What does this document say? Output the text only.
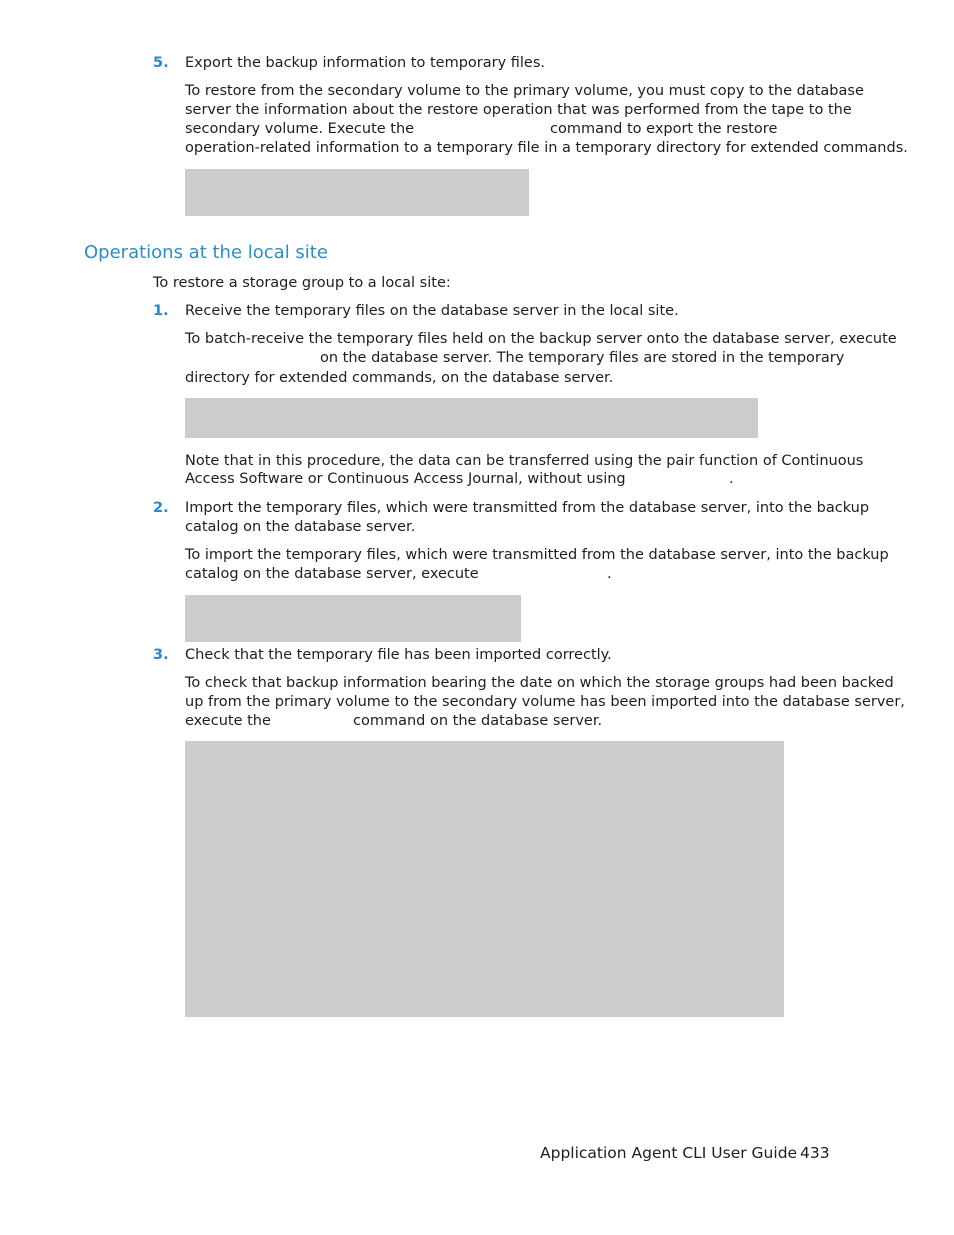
5. Export the backup information to temporary files.
To restore from the secondary volume to the primary volume, you must copy to the database
server the information about the restore operation that was performed from the tape to the
secondary volume. Execute the	command to export the restore
operation-related information to a temporary file in a temporary directory for extended commands.
Operations at the local site
To restore a storage group to a local site:
1. Receive the temporary files on the database server in the local site.
To batch-receive the temporary files held on the backup server onto the database server, execute
on the database server. The temporary files are stored in the temporary
directory for extended commands, on the database server.
Note that in this procedure, the data can be transferred using the pair function of Continuous
Access Software or Continuous Access Journal, without using	.
2. Import the temporary files, which were transmitted from the database server, into the backup
catalog on the database server.
To import the temporary files, which were transmitted from the database server, into the backup
catalog on the database server, execute	.
3. Check that the temporary file has been imported correctly.
To check that backup information bearing the date on which the storage groups had been backed
up from the primary volume to the secondary volume has been imported into the database server,
execute the	command on the database server.
Application Agent CLI User Guide 433
